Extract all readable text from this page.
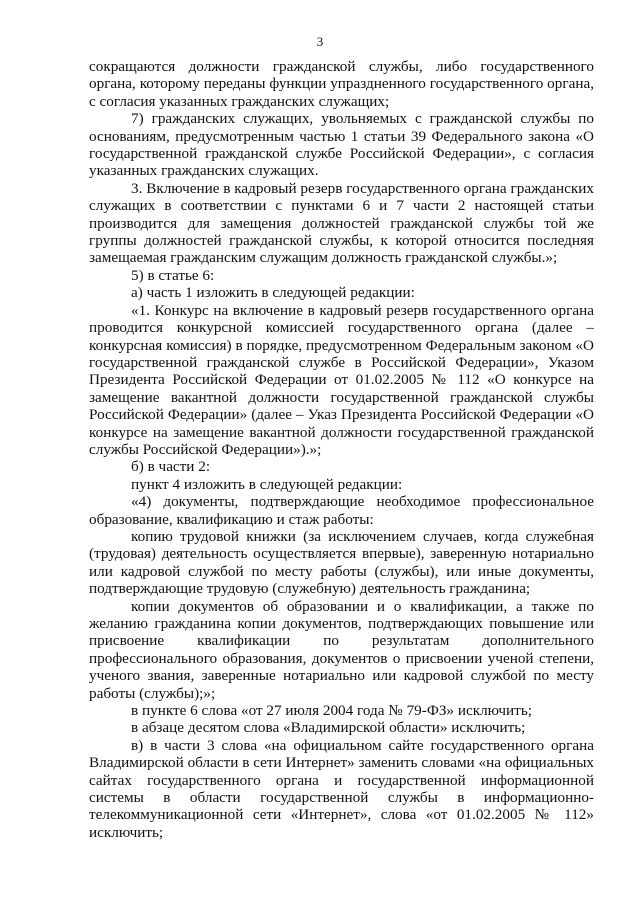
3

сокращаются должности гражданской службы, либо государственного органа, которому переданы функции упраздненного государственного органа, с согласия указанных гражданских служащих;

7) гражданских служащих, увольняемых с гражданской службы по основаниям, предусмотренным частью 1 статьи 39 Федерального закона «О государственной гражданской службе Российской Федерации», с согласия указанных гражданских служащих.

3. Включение в кадровый резерв государственного органа гражданских служащих в соответствии с пунктами 6 и 7 части 2 настоящей статьи производится для замещения должностей гражданской службы той же группы должностей гражданской службы, к которой относится последняя замещаемая гражданским служащим должность гражданской службы.»;

5) в статье 6:

а) часть 1 изложить в следующей редакции:

«1. Конкурс на включение в кадровый резерв государственного органа проводится конкурсной комиссией государственного органа (далее – конкурсная комиссия) в порядке, предусмотренном Федеральным законом «О государственной гражданской службе в Российской Федерации», Указом Президента Российской Федерации от 01.02.2005 № 112 «О конкурсе на замещение вакантной должности государственной гражданской службы Российской Федерации» (далее – Указ Президента Российской Федерации «О конкурсе на замещение вакантной должности государственной гражданской службы Российской Федерации»).»;

б) в части 2:

пункт 4 изложить в следующей редакции:

«4) документы, подтверждающие необходимое профессиональное образование, квалификацию и стаж работы:

копию трудовой книжки (за исключением случаев, когда служебная (трудовая) деятельность осуществляется впервые), заверенную нотариально или кадровой службой по месту работы (службы), или иные документы, подтверждающие трудовую (служебную) деятельность гражданина;

копии документов об образовании и о квалификации, а также по желанию гражданина копии документов, подтверждающих повышение или присвоение квалификации по результатам дополнительного профессионального образования, документов о присвоении ученой степени, ученого звания, заверенные нотариально или кадровой службой по месту работы (службы);»;

в пункте 6 слова «от 27 июля 2004 года № 79-ФЗ» исключить;

в абзаце десятом слова «Владимирской области» исключить;

в) в части 3 слова «на официальном сайте государственного органа Владимирской области в сети Интернет» заменить словами «на официальных сайтах государственного органа и государственной информационной системы в области государственной службы в информационно-телекоммуникационной сети «Интернет», слова «от 01.02.2005 № 112» исключить;
